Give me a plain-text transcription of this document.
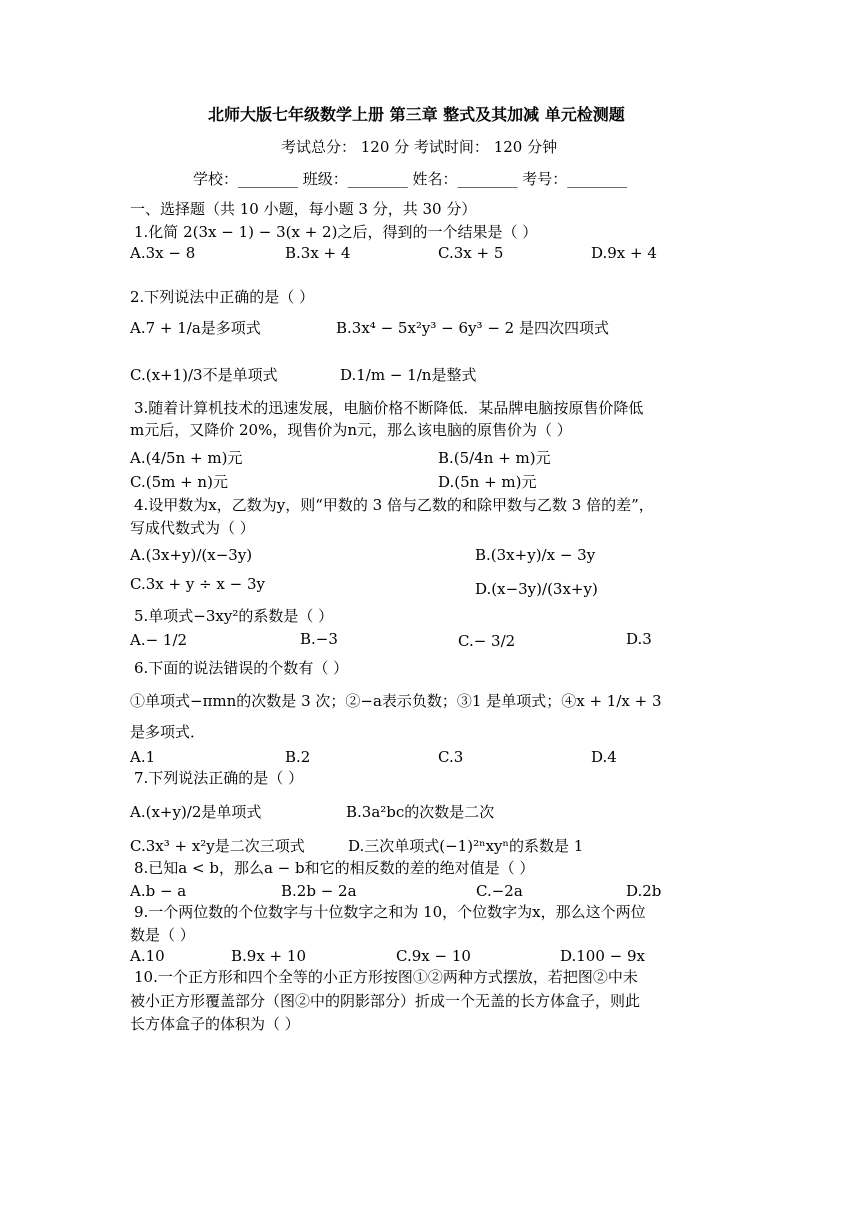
北师大版七年级数学上册 第三章 整式及其加减 单元检测题
考试总分： 120 分 考试时间： 120 分钟
学校：________ 班级：________ 姓名：________ 考号：________
一、选择题（共 10 小题，每小题 3 分，共 30 分）
1.化简 2(3x − 1) − 3(x + 2)之后，得到的一个结果是（ ）
A.3x − 8	B.3x + 4	C.3x + 5	D.9x + 4
2.下列说法中正确的是（ ）
A.7 + 1/a是多项式	B.3x⁴ − 5x²y³ − 6y³ − 2 是四次四项式
C.(x+1)/3不是单项式	D.1/m − 1/n是整式
3.随着计算机技术的迅速发展，电脑价格不断降低．某品牌电脑按原售价降低
m元后，又降价 20%，现售价为n元，那么该电脑的原售价为（ ）
A.(4/5n + m)元	B.(5/4n + m)元
C.(5m + n)元	D.(5n + m)元
4.设甲数为x，乙数为y，则“甲数的 3 倍与乙数的和除甲数与乙数 3 倍的差”，
写成代数式为（ ）
A.(3x+y)/(x−3y)	B.(3x+y)/x − 3y
C.3x + y ÷ x − 3y	D.(x−3y)/(3x+y)
5.单项式−3xy²的系数是（ ）
A.− 1/2	B.−3	C.− 3/2	D.3
6.下面的说法错误的个数有（ ）
①单项式−πmn的次数是 3 次；②−a表示负数；③1 是单项式；④x + 1/x + 3
是多项式．
A.1	B.2	C.3	D.4
7.下列说法正确的是（ ）
A.(x+y)/2是单项式	B.3a²bc的次数是二次
C.3x³ + x²y是二次三项式	D.三次单项式(−1)²ⁿxyⁿ的系数是 1
8.已知a < b，那么a − b和它的相反数的差的绝对值是（ ）
A.b − a	B.2b − 2a	C.−2a	D.2b
9.一个两位数的个位数字与十位数字之和为 10，个位数字为x，那么这个两位
数是（ ）
A.10	B.9x + 10	C.9x − 10	D.100 − 9x
10.一个正方形和四个全等的小正方形按图①②两种方式摆放，若把图②中未
被小正方形覆盖部分（图②中的阴影部分）折成一个无盖的长方体盒子，则此
长方体盒子的体积为（ ）
